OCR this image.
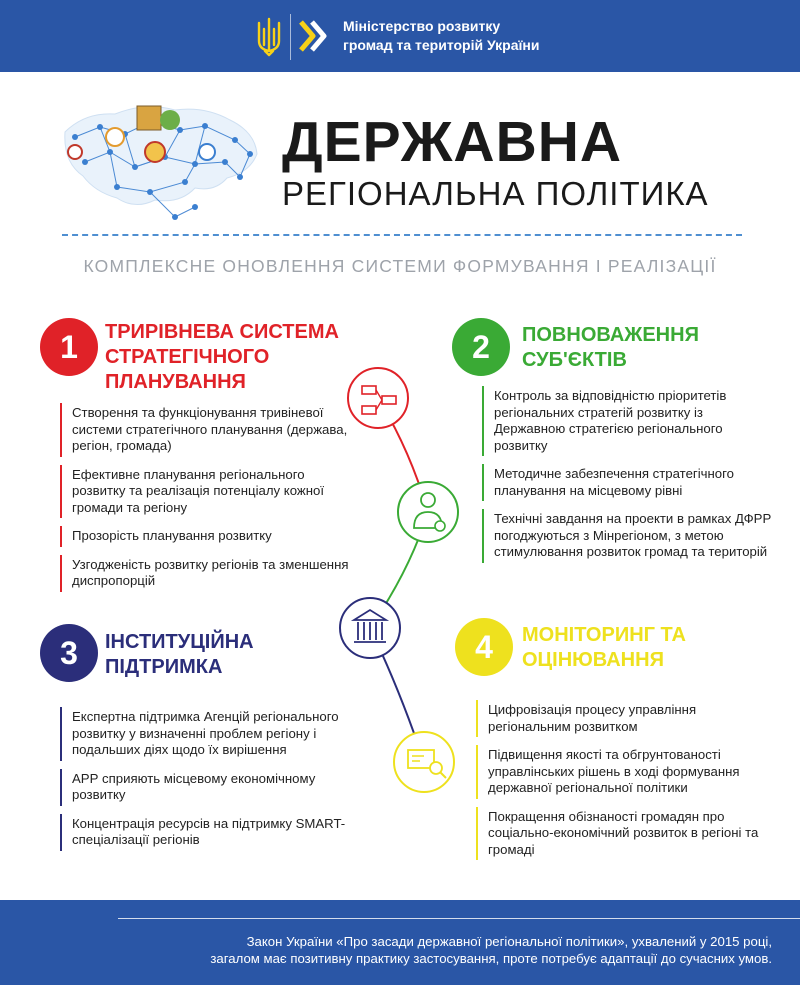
Міністерство розвитку
громад та територій України
ДЕРЖАВНА
РЕГІОНАЛЬНА ПОЛІТИКА
КОМПЛЕКСНЕ ОНОВЛЕННЯ СИСТЕМИ ФОРМУВАННЯ І РЕАЛІЗАЦІЇ
1	ТРИРІВНЕВА СИСТЕМА
СТРАТЕГІЧНОГО
ПЛАНУВАННЯ
Створення та функціонування тривіневої системи стратегічного планування (держава, регіон, громада)
Ефективне планування регіонального розвитку та реалізація потенціалу кожної громади та регіону
Прозорість планування розвитку
Узгодженість розвитку регіонів та зменшення диспропорцій
2	ПОВНОВАЖЕННЯ
СУБ'ЄКТІВ
Контроль за відповідністю пріоритетів регіональних стратегій розвитку із Державною стратегією регіонального розвитку
Методичне забезпечення стратегічного планування на місцевому рівні
Технічні завдання на проекти в рамках ДФРР погоджуються з Мінрегіоном, з метою стимулювання розвиток громад та територій
3	ІНСТИТУЦІЙНА
ПІДТРИМКА
Експертна підтримка Агенцій регіонального розвитку у визначенні проблем регіону і подальших діях щодо їх вирішення
АРР сприяють місцевому економічному розвитку
Концентрація ресурсів на підтримку SMART-спеціалізації регіонів
4	МОНІТОРИНГ ТА
ОЦІНЮВАННЯ
Цифровізація процесу управління регіональним розвитком
Підвищення якості та обгрунтованості управлінських рішень в ході формування державної регіональної політики
Покращення обізнаності громадян про соціально-економічний розвиток в регіоні та громаді
Закон України «Про засади державної регіональної політики», ухвалений у 2015 році,
загалом має позитивну практику застосування, проте потребує адаптації до сучасних умов.
